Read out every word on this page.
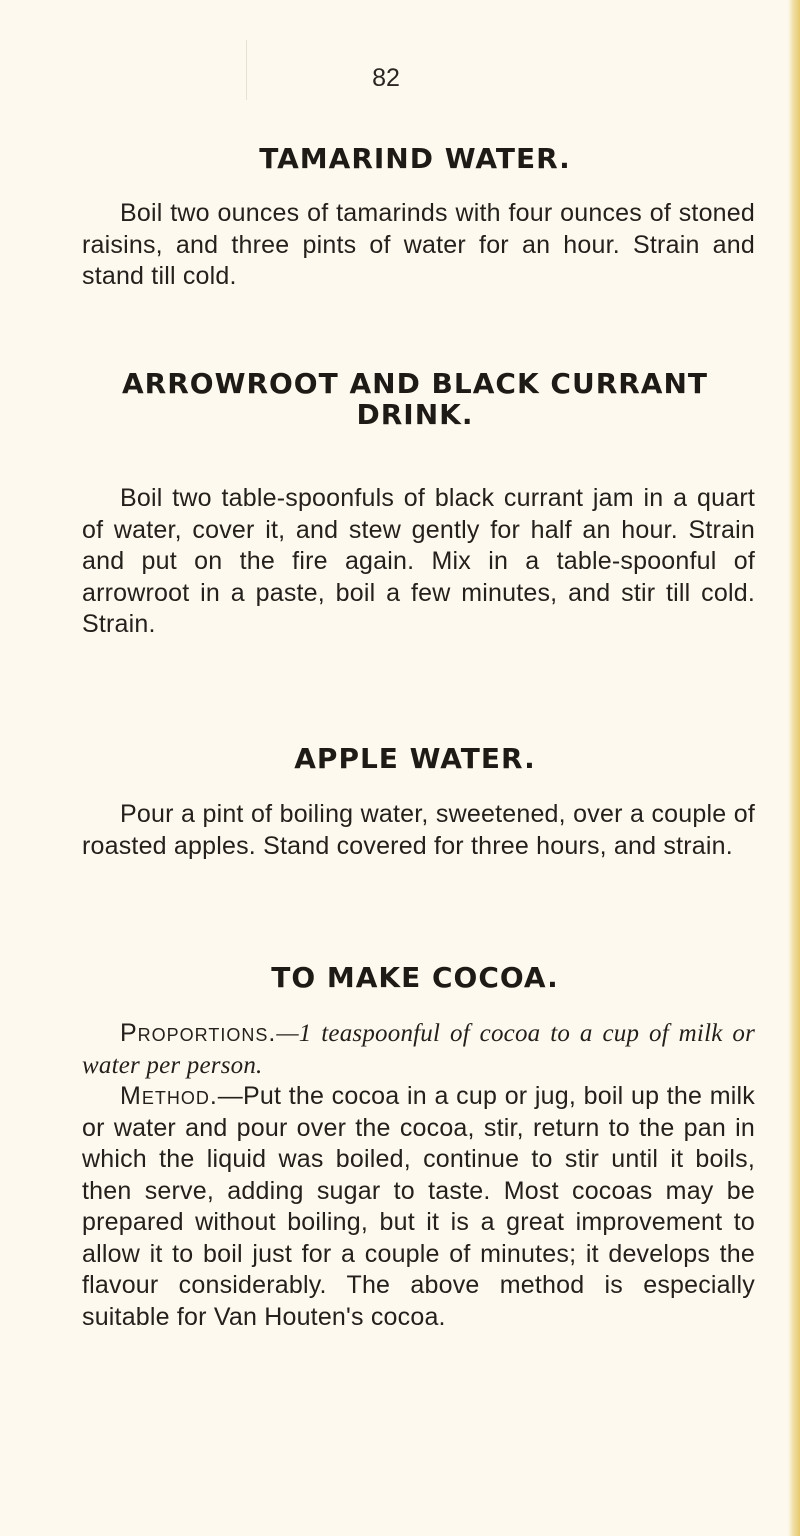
82
TAMARIND WATER.

Boil two ounces of tamarinds with four ounces of stoned raisins, and three pints of water for an hour. Strain and stand till cold.

ARROWROOT AND BLACK CURRANT DRINK.

Boil two table-spoonfuls of black currant jam in a quart of water, cover it, and stew gently for half an hour. Strain and put on the fire again. Mix in a table-spoonful of arrowroot in a paste, boil a few minutes, and stir till cold. Strain.

APPLE WATER.

Pour a pint of boiling water, sweetened, over a couple of roasted apples. Stand covered for three hours, and strain.

TO MAKE COCOA.

Proportions.—1 teaspoonful of cocoa to a cup of milk or water per person.

Method.—Put the cocoa in a cup or jug, boil up the milk or water and pour over the cocoa, stir, return to the pan in which the liquid was boiled, continue to stir until it boils, then serve, adding sugar to taste. Most cocoas may be prepared without boiling, but it is a great improvement to allow it to boil just for a couple of minutes; it develops the flavour considerably. The above method is especially suitable for Van Houten's cocoa.
